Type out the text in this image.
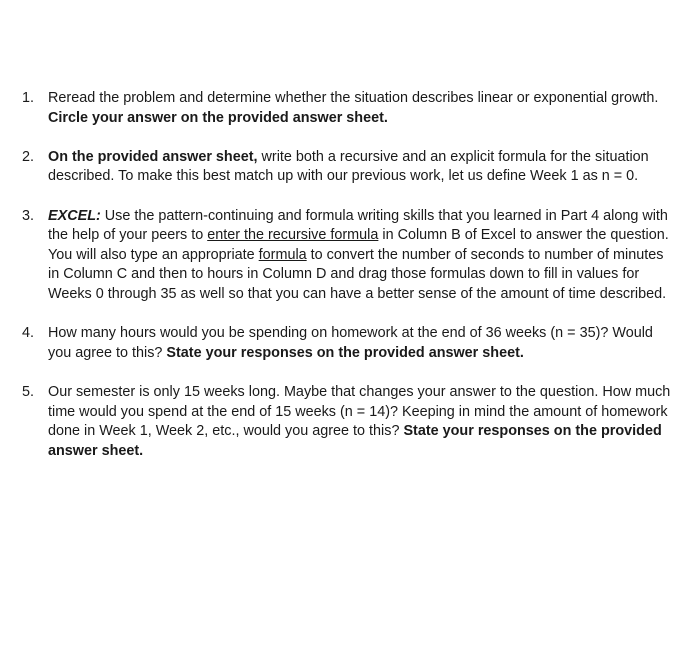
1. Reread the problem and determine whether the situation describes linear or exponential growth. Circle your answer on the provided answer sheet.
2. On the provided answer sheet, write both a recursive and an explicit formula for the situation described. To make this best match up with our previous work, let us define Week 1 as n = 0.
3. EXCEL: Use the pattern-continuing and formula writing skills that you learned in Part 4 along with the help of your peers to enter the recursive formula in Column B of Excel to answer the question. You will also type an appropriate formula to convert the number of seconds to number of minutes in Column C and then to hours in Column D and drag those formulas down to fill in values for Weeks 0 through 35 as well so that you can have a better sense of the amount of time described.
4. How many hours would you be spending on homework at the end of 36 weeks (n = 35)? Would you agree to this? State your responses on the provided answer sheet.
5. Our semester is only 15 weeks long. Maybe that changes your answer to the question. How much time would you spend at the end of 15 weeks (n = 14)? Keeping in mind the amount of homework done in Week 1, Week 2, etc., would you agree to this? State your responses on the provided answer sheet.
